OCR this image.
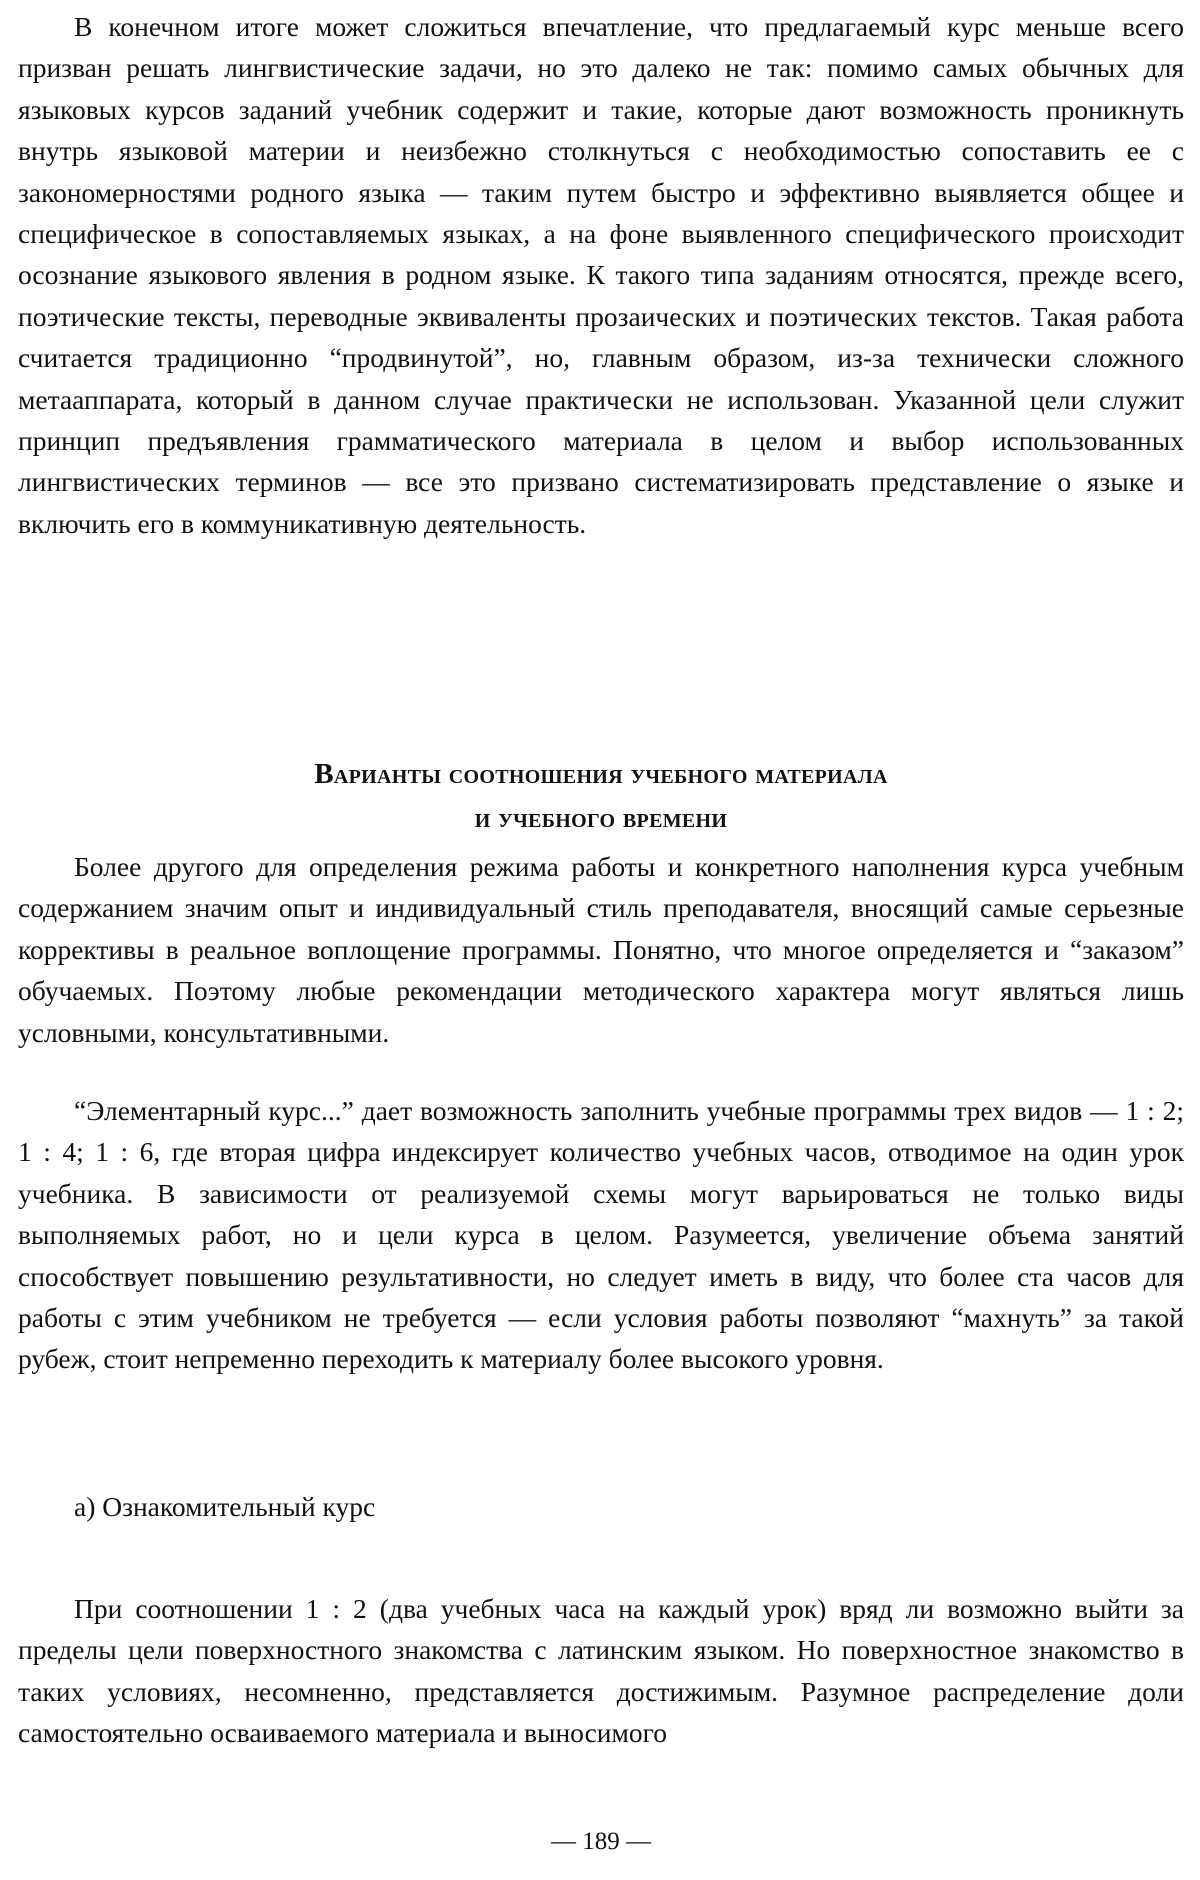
В конечном итоге может сложиться впечатление, что предлагаемый курс меньше всего призван решать лингвистические задачи, но это далеко не так: помимо самых обычных для языковых курсов заданий учебник содержит и такие, которые дают возможность проникнуть внутрь языковой материи и неизбежно столкнуться с необходимостью сопоставить ее с закономерностями родного языка — таким путем быстро и эффективно выявляется общее и специфическое в сопоставляемых языках, а на фоне выявленного специфического происходит осознание языкового явления в родном языке. К такого типа заданиям относятся, прежде всего, поэтические тексты, переводные эквиваленты прозаических и поэтических текстов. Такая работа считается традиционно “продвинутой”, но, главным образом, из-за технически сложного метааппарата, который в данном случае практически не использован. Указанной цели служит принцип предъявления грамматического материала в целом и выбор использованных лингвистических терминов — все это призвано систематизировать представление о языке и включить его в коммуникативную деятельность.

Варианты соотношения учебного материала
и учебного времени

Более другого для определения режима работы и конкретного наполнения курса учебным содержанием значим опыт и индивидуальный стиль преподавателя, вносящий самые серьезные коррективы в реальное воплощение программы. Понятно, что многое определяется и “заказом” обучаемых. Поэтому любые рекомендации методического характера могут являться лишь условными, консультативными.

“Элементарный курс...” дает возможность заполнить учебные программы трех видов — 1 : 2; 1 : 4; 1 : 6, где вторая цифра индексирует количество учебных часов, отводимое на один урок учебника. В зависимости от реализуемой схемы могут варьироваться не только виды выполняемых работ, но и цели курса в целом. Разумеется, увеличение объема занятий способствует повышению результативности, но следует иметь в виду, что более ста часов для работы с этим учебником не требуется — если условия работы позволяют “махнуть” за такой рубеж, стоит непременно переходить к материалу более высокого уровня.

а) Ознакомительный курс

При соотношении 1 : 2 (два учебных часа на каждый урок) вряд ли возможно выйти за пределы цели поверхностного знакомства с латинским языком. Но поверхностное знакомство в таких условиях, несомненно, представляется достижимым. Разумное распределение доли самостоятельно осваиваемого материала и выносимого

— 189 —
